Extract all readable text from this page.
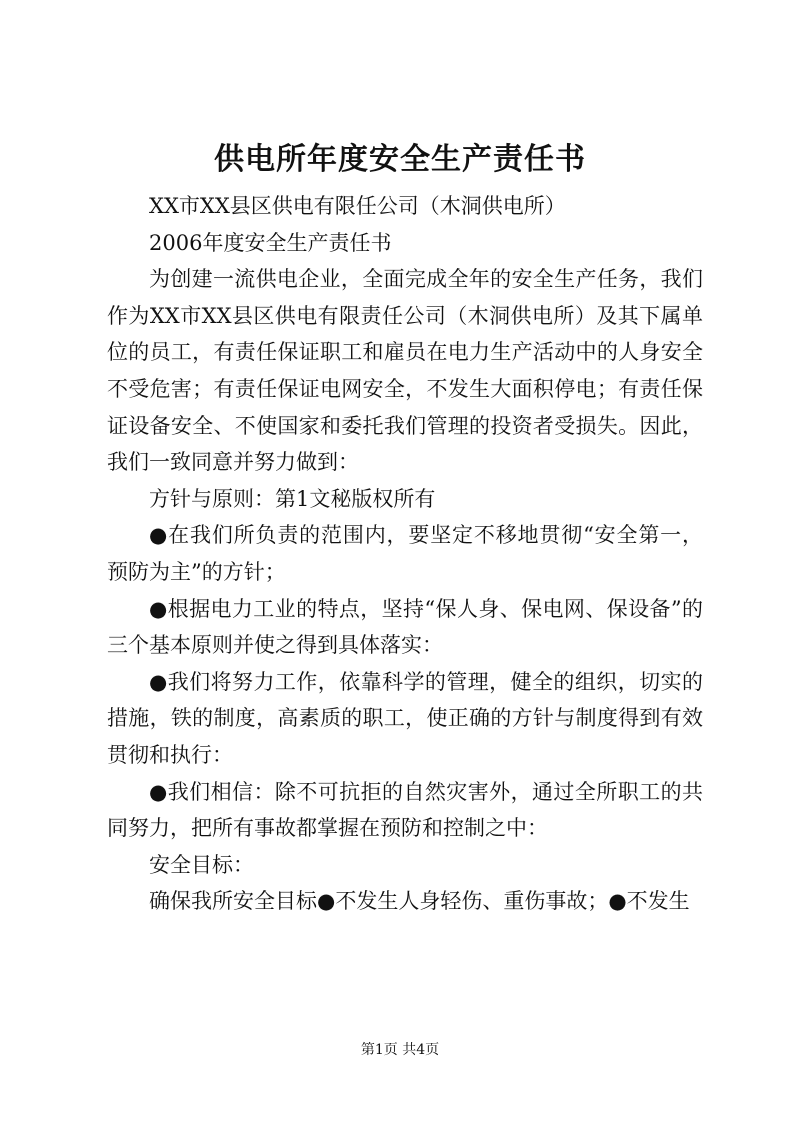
供电所年度安全生产责任书

XX市XX县区供电有限任公司（木洞供电所）

2006年度安全生产责任书

为创建一流供电企业，全面完成全年的安全生产任务，我们作为XX市XX县区供电有限责任公司（木洞供电所）及其下属单位的员工，有责任保证职工和雇员在电力生产活动中的人身安全不受危害；有责任保证电网安全，不发生大面积停电；有责任保证设备安全、不使国家和委托我们管理的投资者受损失。因此，我们一致同意并努力做到：

方针与原则：第1文秘版权所有

●在我们所负责的范围内，要坚定不移地贯彻“安全第一，预防为主”的方针；

●根据电力工业的特点，坚持“保人身、保电网、保设备”的三个基本原则并使之得到具体落实：

●我们将努力工作，依靠科学的管理，健全的组织，切实的措施，铁的制度，高素质的职工，使正确的方针与制度得到有效贯彻和执行：

●我们相信：除不可抗拒的自然灾害外，通过全所职工的共同努力，把所有事故都掌握在预防和控制之中：

安全目标：

确保我所安全目标●不发生人身轻伤、重伤事故；●不发生

第1页 共4页
